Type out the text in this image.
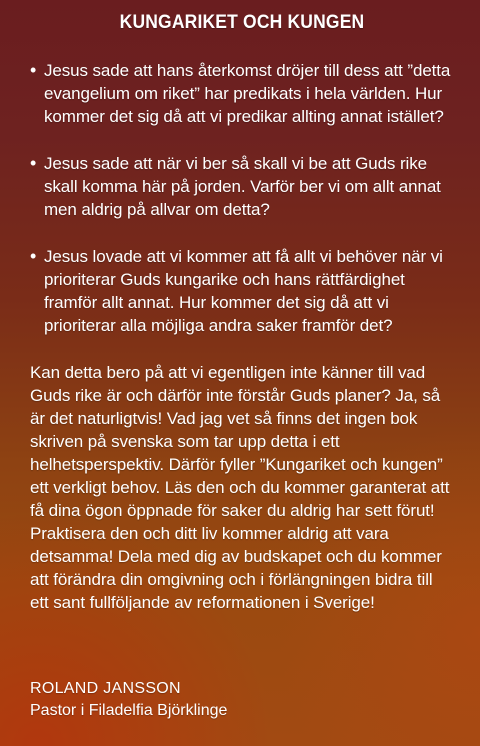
KUNGARIKET OCH KUNGEN
• Jesus sade att hans återkomst dröjer till dess att ”detta evangelium om riket” har predikats i hela världen. Hur kommer det sig då att vi predikar allting annat istället?
• Jesus sade att när vi ber så skall vi be att Guds rike skall komma här på jorden. Varför ber vi om allt annat men aldrig på allvar om detta?
• Jesus lovade att vi kommer att få allt vi behöver när vi prioriterar Guds kungarike och hans rättfärdighet framför allt annat. Hur kommer det sig då att vi prioriterar alla möjliga andra saker framför det?

Kan detta bero på att vi egentligen inte känner till vad Guds rike är och därför inte förstår Guds planer? Ja, så är det naturligtvis! Vad jag vet så finns det ingen bok skriven på svenska som tar upp detta i ett helhetsperspektiv. Därför fyller ”Kungariket och kungen” ett verkligt behov. Läs den och du kommer garanterat att få dina ögon öppnade för saker du aldrig har sett förut! Praktisera den och ditt liv kommer aldrig att vara detsamma! Dela med dig av budskapet och du kommer att förändra din omgivning och i förlängningen bidra till ett sant fullföljande av reformationen i Sverige!

ROLAND JANSSON

Pastor i Filadelfia Björklinge
